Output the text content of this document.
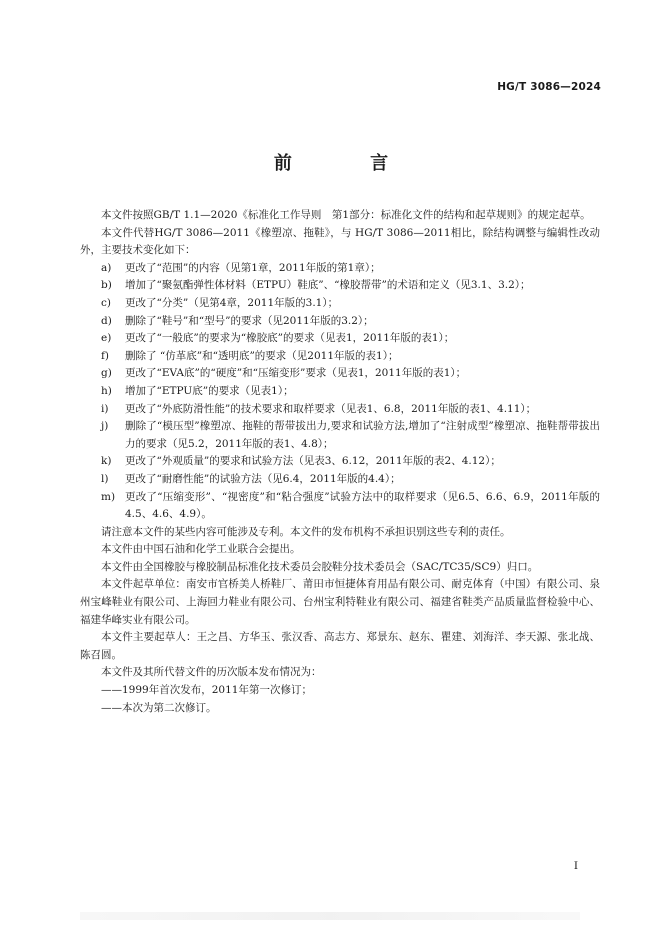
HG/T 3086—2024
前 言

本文件按照GB/T 1.1—2020《标准化工作导则　第1部分：标准化文件的结构和起草规则》的规定起草。

本文件代替HG/T 3086—2011《橡塑凉、拖鞋》，与 HG/T 3086—2011相比，除结构调整与编辑性改动外，主要技术变化如下：

a)	更改了“范围”的内容（见第1章，2011年版的第1章）；
b)	增加了“聚氨酯弹性体材料（ETPU）鞋底”、“橡胶帮带”的术语和定义（见3.1、3.2）；
c)	更改了“分类”（见第4章，2011年版的3.1）；
d)	删除了“鞋号”和“型号”的要求（见2011年版的3.2）；
e)	更改了“一般底”的要求为“橡胶底”的要求（见表1，2011年版的表1）；
f)	删除了 “仿革底”和“透明底”的要求（见2011年版的表1）；
g)	更改了“EVA底”的“硬度”和“压缩变形”要求（见表1，2011年版的表1）；
h)	增加了“ETPU底”的要求（见表1）；
i)	更改了“外底防滑性能”的技术要求和取样要求（见表1、6.8，2011年版的表1、4.11）；
j)	删除了“模压型”橡塑凉、拖鞋的帮带拔出力,要求和试验方法,增加了“注射成型”橡塑凉、拖鞋帮带拔出力的要求（见5.2，2011年版的表1、4.8）；
k)	更改了“外观质量”的要求和试验方法（见表3、6.12，2011年版的表2、4.12）；
l)	更改了“耐磨性能”的试验方法（见6.4，2011年版的4.4）；
m) 更改了“压缩变形”、“视密度”和“粘合强度”试验方法中的取样要求（见6.5、6.6、6.9，2011年版的4.5、4.6、4.9）。

请注意本文件的某些内容可能涉及专利。本文件的发布机构不承担识别这些专利的责任。

本文件由中国石油和化学工业联合会提出。

本文件由全国橡胶与橡胶制品标准化技术委员会胶鞋分技术委员会（SAC/TC35/SC9）归口。

本文件起草单位：南安市官桥美人桥鞋厂、莆田市恒捷体育用品有限公司、耐克体育（中国）有限公司、泉州宝峰鞋业有限公司、上海回力鞋业有限公司、台州宝利特鞋业有限公司、福建省鞋类产品质量监督检验中心、福建华峰实业有限公司。

本文件主要起草人：王之昌、方华玉、张汉香、高志方、郑景东、赵东、瞿建、刘海洋、李天源、张北战、陈召圆。

本文件及其所代替文件的历次版本发布情况为：

——1999年首次发布，2011年第一次修订；

——本次为第二次修订。

I
